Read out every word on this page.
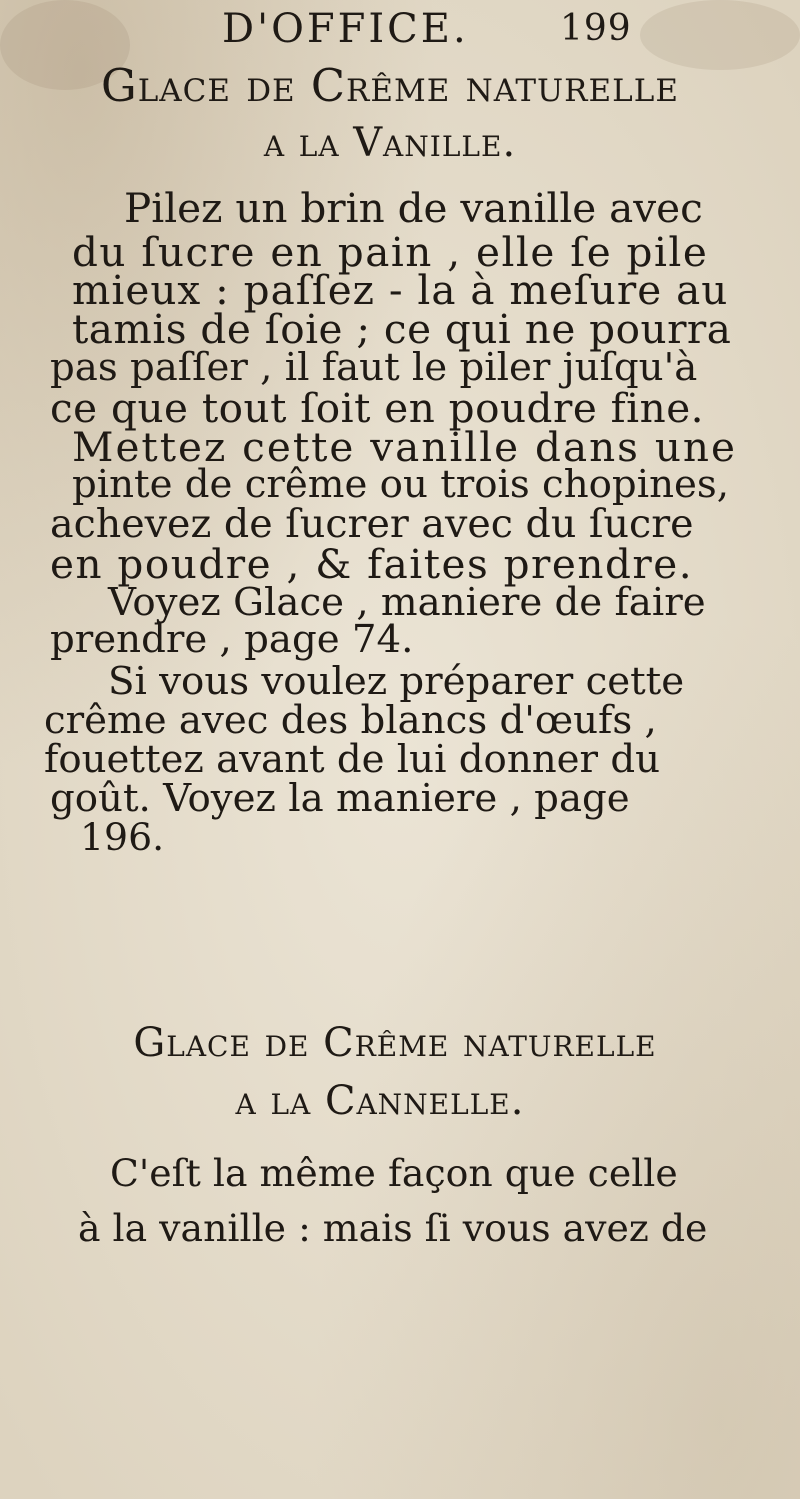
D'OFFICE.	199
Glace de Crême naturelle
a la Vanille.
Pilez un brin de vanille avec
du ſucre en pain , elle ſe pile
mieux : paſſez - la à meſure au
tamis de ſoie ; ce qui ne pourra
pas paſſer , il faut le piler juſqu'à
ce que tout ſoit en poudre fine.
Mettez cette vanille dans une
pinte de crême ou trois chopines,
achevez de ſucrer avec du ſucre
en poudre , & faites prendre.
Voyez Glace , maniere de faire
prendre , page 74.
Si vous voulez préparer cette
crême avec des blancs d'œufs ,
fouettez avant de lui donner du
goût. Voyez la maniere , page
196.
Glace de Crême naturelle
a la Cannelle.
C'eſt la même façon que celle
à la vanille : mais ſi vous avez de
